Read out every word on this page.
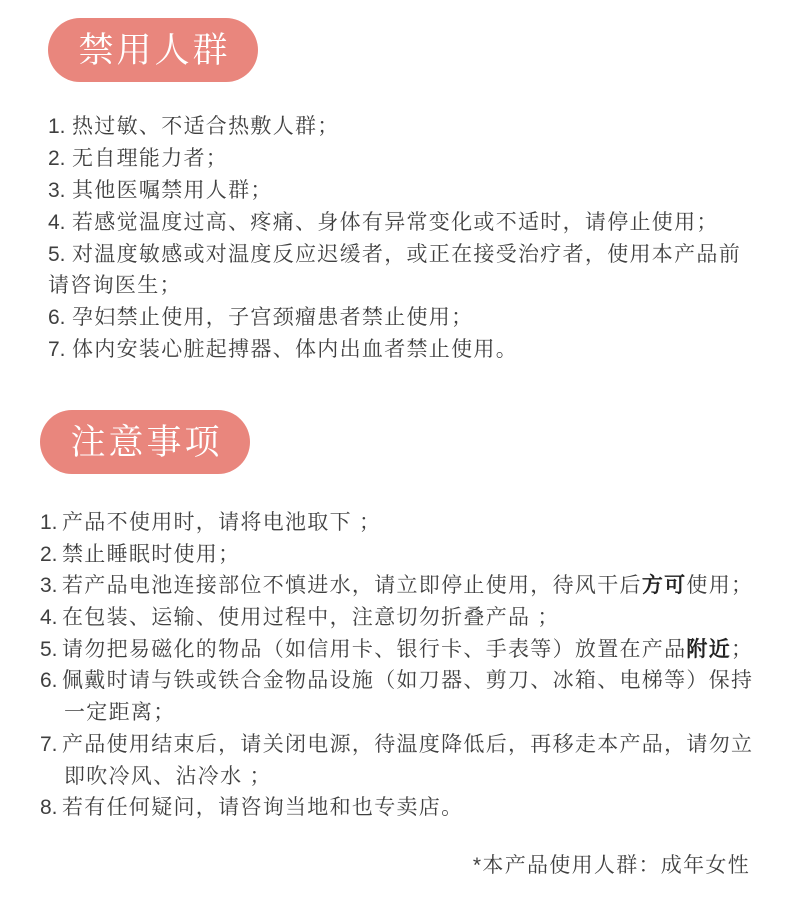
禁用人群
1. 热过敏、不适合热敷人群；
2. 无自理能力者；
3. 其他医嘱禁用人群；
4. 若感觉温度过高、疼痛、身体有异常变化或不适时，请停止使用；
5. 对温度敏感或对温度反应迟缓者，或正在接受治疗者，使用本产品前
请咨询医生；
6. 孕妇禁止使用，子宫颈瘤患者禁止使用；
7. 体内安装心脏起搏器、体内出血者禁止使用。
注意事项
1. 产品不使用时，请将电池取下 ；
2. 禁止睡眠时使用；
3. 若产品电池连接部位不慎进水，请立即停止使用，待风干后方可使用；
4. 在包装、运输、使用过程中，注意切勿折叠产品 ；
5. 请勿把易磁化的物品（如信用卡、银行卡、手表等）放置在产品附近；
6. 佩戴时请与铁或铁合金物品设施（如刀器、剪刀、冰箱、电梯等）保持
一定距离；
7. 产品使用结束后，请关闭电源，待温度降低后，再移走本产品，请勿立
即吹冷风、沾冷水 ；
8. 若有任何疑问，请咨询当地和也专卖店。
*本产品使用人群：成年女性
